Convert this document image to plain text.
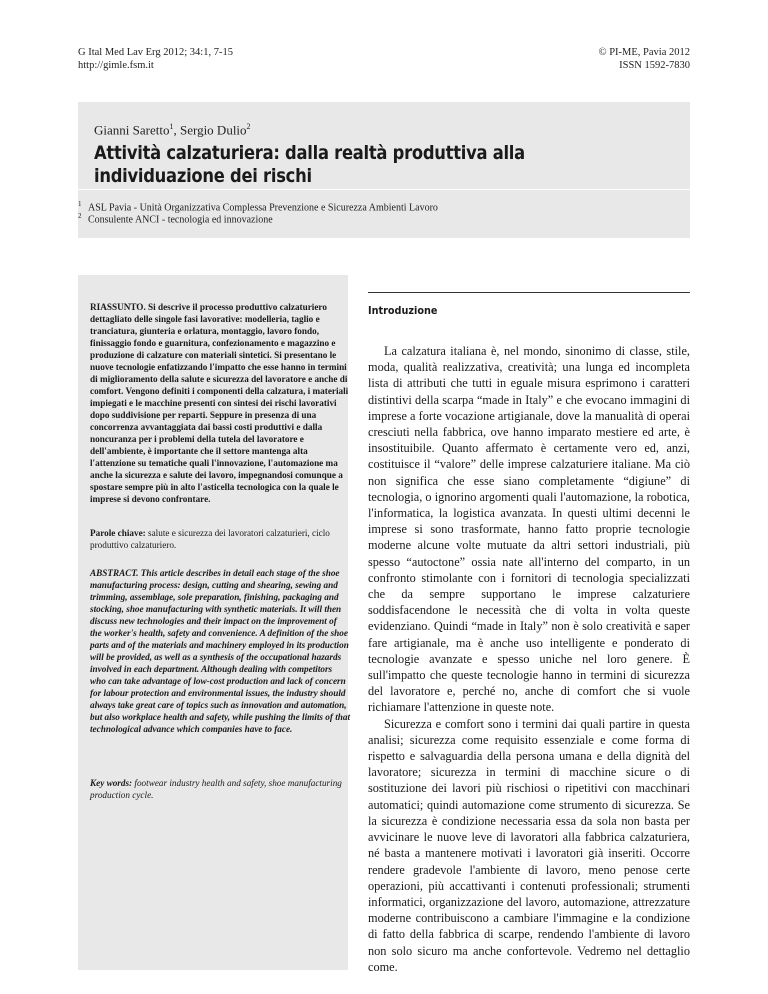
G Ital Med Lav Erg 2012; 34:1, 7-15
http://gimle.fsm.it
© PI-ME, Pavia 2012
ISSN 1592-7830
Gianni Saretto$^1$, Sergio Dulio$^2$
Attività calzaturiera: dalla realtà produttiva alla individuazione dei rischi
$^1$ ASL Pavia - Unità Organizzativa Complessa Prevenzione e Sicurezza Ambienti Lavoro
$^2$ Consulente ANCI - tecnologia ed innovazione
RIASSUNTO. Si descrive il processo produttivo calzaturiero dettagliato delle singole fasi lavorative: modelleria, taglio e tranciatura, giunteria e orlatura, montaggio, lavoro fondo, finissaggio fondo e guarnitura, confezionamento e magazzino e produzione di calzature con materiali sintetici. Si presentano le nuove tecnologie enfatizzando l'impatto che esse hanno in termini di miglioramento della salute e sicurezza del lavoratore e anche di comfort. Vengono definiti i componenti della calzatura, i materiali impiegati e le macchine presenti con sintesi dei rischi lavorativi dopo suddivisione per reparti. Seppure in presenza di una concorrenza avvantaggiata dai bassi costi produttivi e dalla noncuranza per i problemi della tutela del lavoratore e dell'ambiente, è importante che il settore mantenga alta l'attenzione su tematiche quali l'innovazione, l'automazione ma anche la sicurezza e salute dei lavoro, impegnandosi comunque a spostare sempre più in alto l'asticella tecnologica con la quale le imprese si devono confrontare.
Parole chiave: salute e sicurezza dei lavoratori calzaturieri, ciclo produttivo calzaturiero.
ABSTRACT. This article describes in detail each stage of the shoe manufacturing process: design, cutting and shearing, sewing and trimming, assemblage, sole preparation, finishing, packaging and stocking, shoe manufacturing with synthetic materials. It will then discuss new technologies and their impact on the improvement of the worker's health, safety and convenience. A definition of the shoe parts and of the materials and machinery employed in its production will be provided, as well as a synthesis of the occupational hazards involved in each department. Although dealing with competitors who can take advantage of low-cost production and lack of concern for labour protection and environmental issues, the industry should always take great care of topics such as innovation and automation, but also workplace health and safety, while pushing the limits of that technological advance which companies have to face.
Key words: footwear industry health and safety, shoe manufacturing production cycle.
Introduzione

La calzatura italiana è, nel mondo, sinonimo di classe, stile, moda, qualità realizzativa, creatività; una lunga ed incompleta lista di attributi che tutti in eguale misura esprimono i caratteri distintivi della scarpa “made in Italy” e che evocano immagini di imprese a forte vocazione artigianale, dove la manualità di operai cresciuti nella fabbrica, ove hanno imparato mestiere ed arte, è insostituibile. Quanto affermato è certamente vero ed, anzi, costituisce il “valore” delle imprese calzaturiere italiane. Ma ciò non significa che esse siano completamente “digiune” di tecnologia, o ignorino argomenti quali l'automazione, la robotica, l'informatica, la logistica avanzata. In questi ultimi decenni le imprese si sono trasformate, hanno fatto proprie tecnologie moderne alcune volte mutuate da altri settori industriali, più spesso “autoctone” ossia nate all'interno del comparto, in un confronto stimolante con i fornitori di tecnologia specializzati che da sempre supportano le imprese calzaturiere soddisfacendone le necessità che di volta in volta queste evidenziano. Quindi “made in Italy” non è solo creatività e saper fare artigianale, ma è anche uso intelligente e ponderato di tecnologie avanzate e spesso uniche nel loro genere. È sull'impatto che queste tecnologie hanno in termini di sicurezza del lavoratore e, perché no, anche di comfort che si vuole richiamare l'attenzione in queste note.

Sicurezza e comfort sono i termini dai quali partire in questa analisi; sicurezza come requisito essenziale e come forma di rispetto e salvaguardia della persona umana e della dignità del lavoratore; sicurezza in termini di macchine sicure o di sostituzione dei lavori più rischiosi o ripetitivi con macchinari automatici; quindi automazione come strumento di sicurezza. Se la sicurezza è condizione necessaria essa da sola non basta per avvicinare le nuove leve di lavoratori alla fabbrica calzaturiera, né basta a mantenere motivati i lavoratori già inseriti. Occorre rendere gradevole l'ambiente di lavoro, meno penose certe operazioni, più accattivanti i contenuti professionali; strumenti informatici, organizzazione del lavoro, automazione, attrezzature moderne contribuiscono a cambiare l'immagine e la condizione di fatto della fabbrica di scarpe, rendendo l'ambiente di lavoro non solo sicuro ma anche confortevole. Vedremo nel dettaglio come.
